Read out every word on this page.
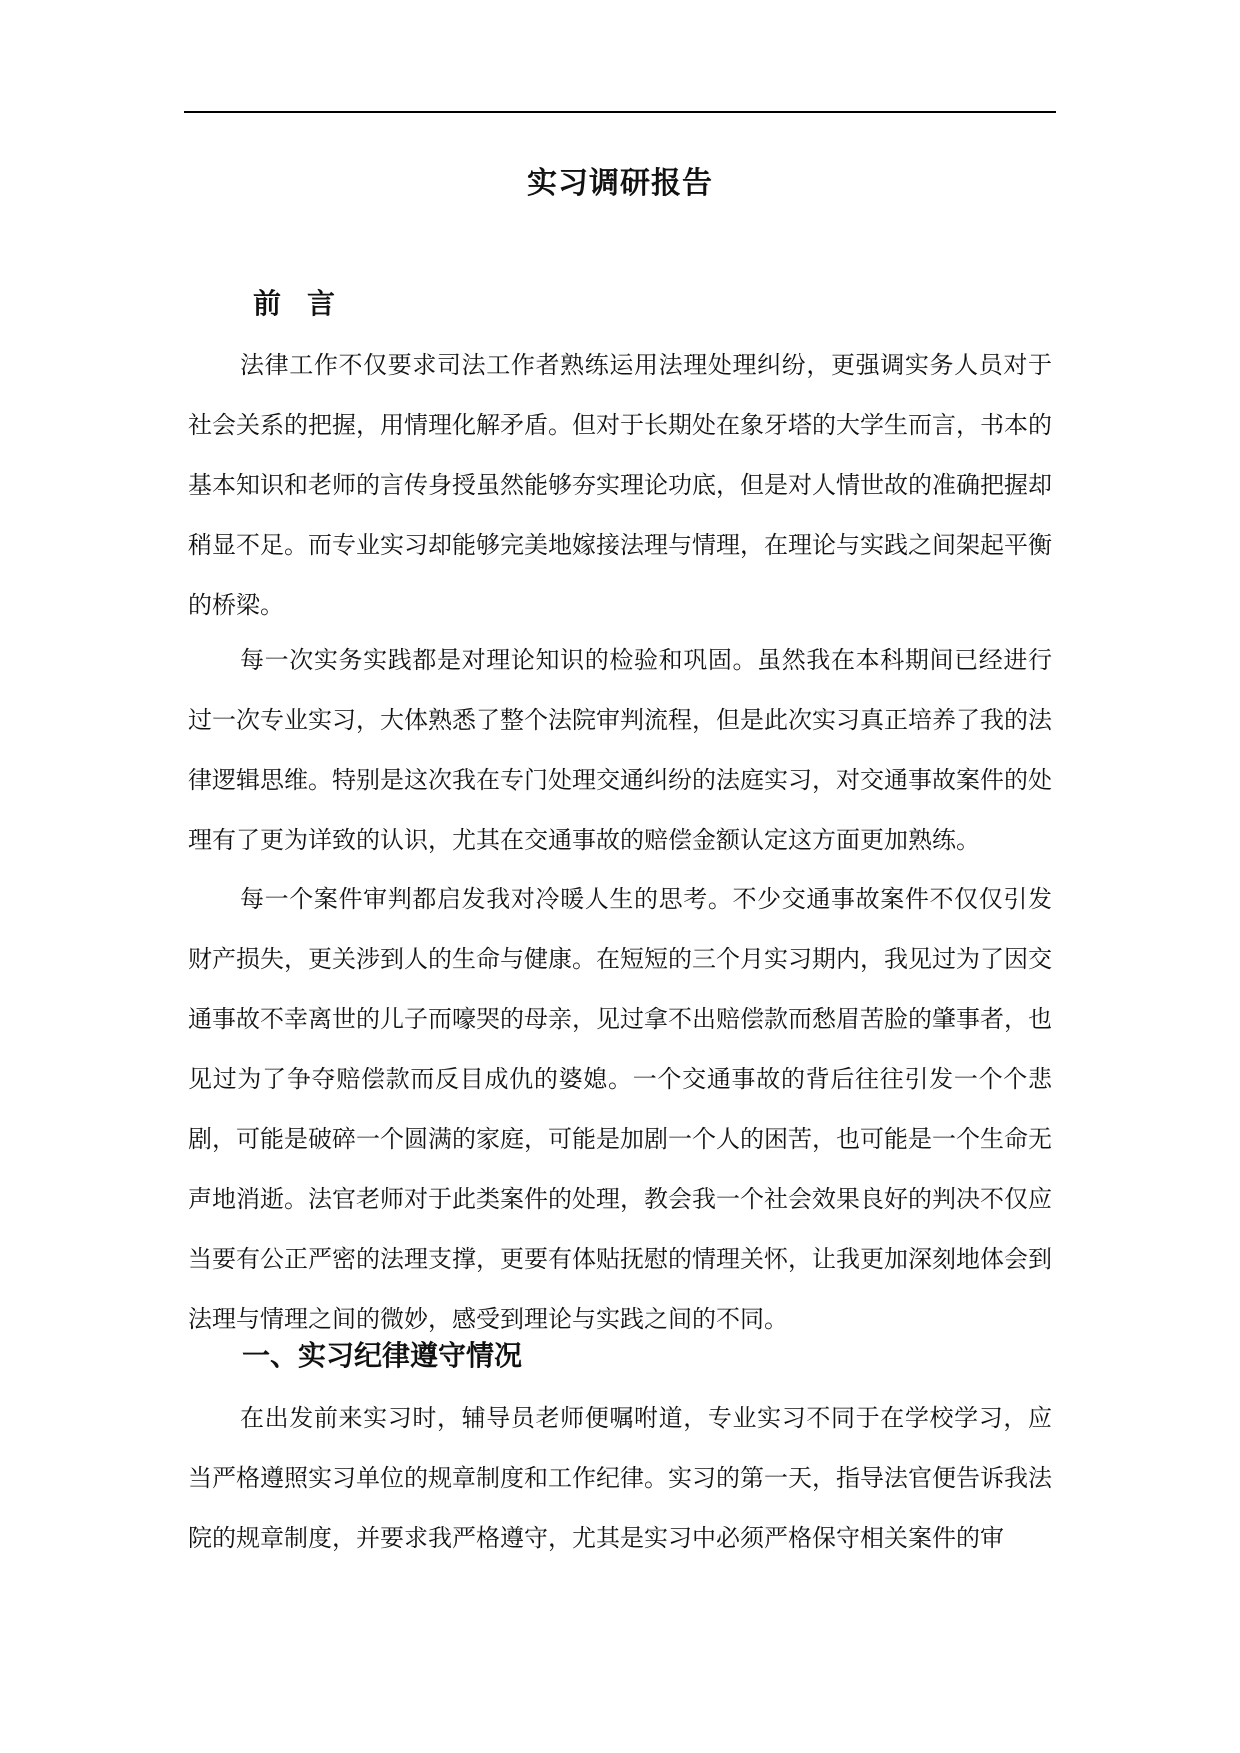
实习调研报告
前言

法律工作不仅要求司法工作者熟练运用法理处理纠纷，更强调实务人员对于社会关系的把握，用情理化解矛盾。但对于长期处在象牙塔的大学生而言，书本的基本知识和老师的言传身授虽然能够夯实理论功底，但是对人情世故的准确把握却稍显不足。而专业实习却能够完美地嫁接法理与情理，在理论与实践之间架起平衡的桥梁。

每一次实务实践都是对理论知识的检验和巩固。虽然我在本科期间已经进行过一次专业实习，大体熟悉了整个法院审判流程，但是此次实习真正培养了我的法律逻辑思维。特别是这次我在专门处理交通纠纷的法庭实习，对交通事故案件的处理有了更为详致的认识，尤其在交通事故的赔偿金额认定这方面更加熟练。

每一个案件审判都启发我对冷暖人生的思考。不少交通事故案件不仅仅引发财产损失，更关涉到人的生命与健康。在短短的三个月实习期内，我见过为了因交通事故不幸离世的儿子而嚎哭的母亲，见过拿不出赔偿款而愁眉苦脸的肇事者，也见过为了争夺赔偿款而反目成仇的婆媳。一个交通事故的背后往往引发一个个悲剧，可能是破碎一个圆满的家庭，可能是加剧一个人的困苦，也可能是一个生命无声地消逝。法官老师对于此类案件的处理，教会我一个社会效果良好的判决不仅应当要有公正严密的法理支撑，更要有体贴抚慰的情理关怀，让我更加深刻地体会到法理与情理之间的微妙，感受到理论与实践之间的不同。

一、实习纪律遵守情况

在出发前来实习时，辅导员老师便嘱咐道，专业实习不同于在学校学习，应当严格遵照实习单位的规章制度和工作纪律。实习的第一天，指导法官便告诉我法院的规章制度，并要求我严格遵守，尤其是实习中必须严格保守相关案件的审
